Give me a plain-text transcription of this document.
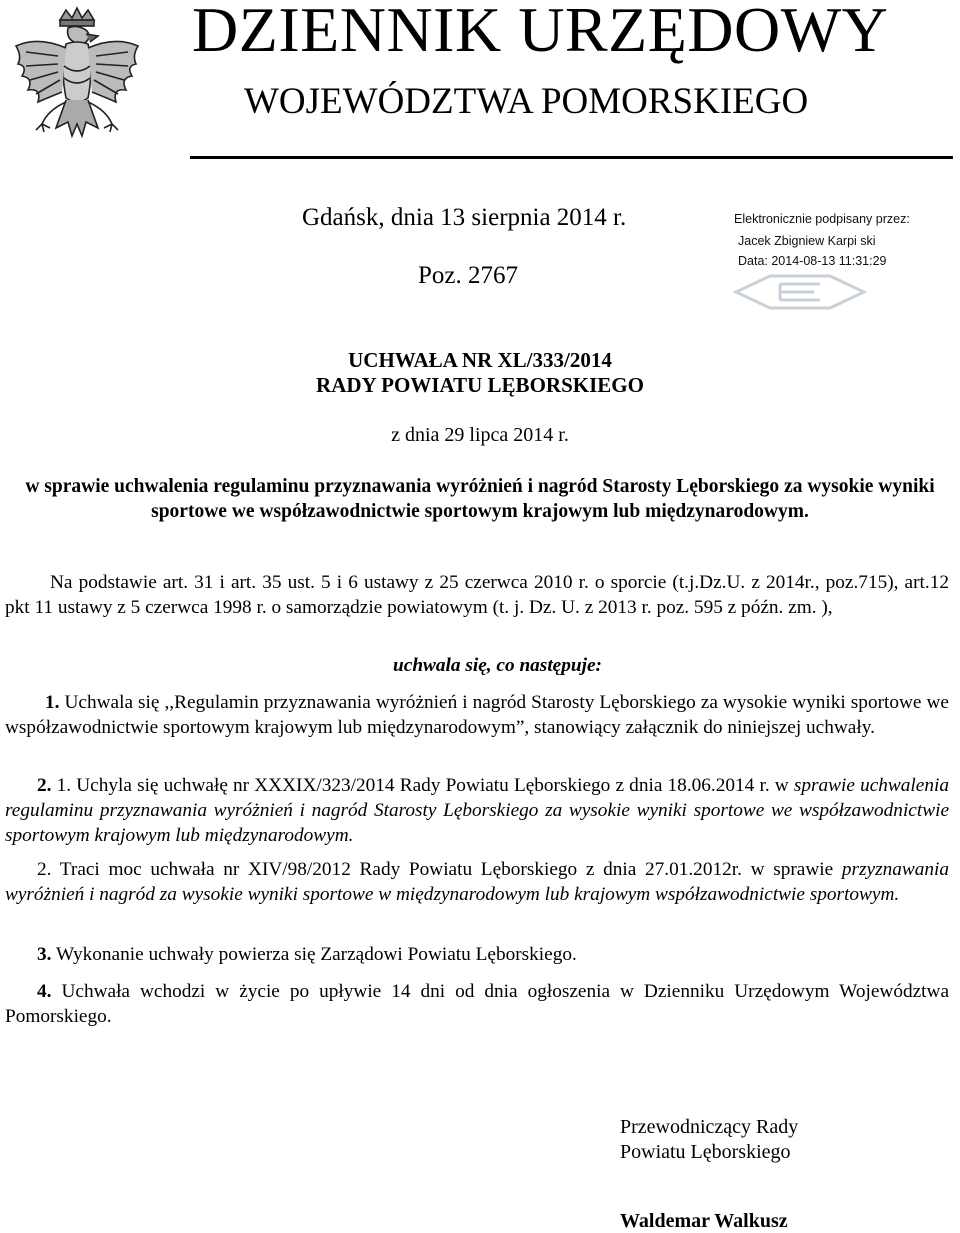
DZIENNIK URZĘDOWY
WOJEWÓDZTWA POMORSKIEGO
Gdańsk, dnia 13 sierpnia 2014 r.
Poz. 2767
Elektronicznie podpisany przez:
Jacek Zbigniew Karpi ski
Data: 2014-08-13 11:31:29
UCHWAŁA NR XL/333/2014
RADY POWIATU LĘBORSKIEGO
z dnia 29 lipca 2014 r.
w sprawie uchwalenia regulaminu przyznawania wyróżnień i nagród Starosty Lęborskiego za wysokie wyniki sportowe we współzawodnictwie sportowym krajowym lub międzynarodowym.
Na podstawie art. 31 i art. 35 ust. 5 i 6 ustawy z 25 czerwca 2010 r. o sporcie (t.j.Dz.U. z 2014r., poz.715), art.12 pkt 11 ustawy z 5 czerwca 1998 r. o samorządzie powiatowym (t. j. Dz. U. z 2013 r. poz. 595 z późn. zm. ),
uchwala się, co następuje:
1. Uchwala się ,,Regulamin przyznawania wyróżnień i nagród Starosty Lęborskiego za wysokie wyniki sportowe we współzawodnictwie sportowym krajowym lub międzynarodowym”, stanowiący załącznik do niniejszej uchwały.
2. 1. Uchyla się uchwałę nr XXXIX/323/2014 Rady Powiatu Lęborskiego z dnia 18.06.2014 r. w sprawie uchwalenia regulaminu przyznawania wyróżnień i nagród Starosty Lęborskiego za wysokie wyniki sportowe we współzawodnictwie sportowym krajowym lub międzynarodowym.
2. Traci moc uchwała nr XIV/98/2012 Rady Powiatu Lęborskiego z dnia 27.01.2012r. w sprawie przyznawania wyróżnień i nagród za wysokie wyniki sportowe w międzynarodowym lub krajowym współzawodnictwie sportowym.
3. Wykonanie uchwały powierza się Zarządowi Powiatu Lęborskiego.
4. Uchwała wchodzi w życie po upływie 14 dni od dnia ogłoszenia w Dzienniku Urzędowym Województwa Pomorskiego.
Przewodniczący Rady
Powiatu Lęborskiego
Waldemar Walkusz
